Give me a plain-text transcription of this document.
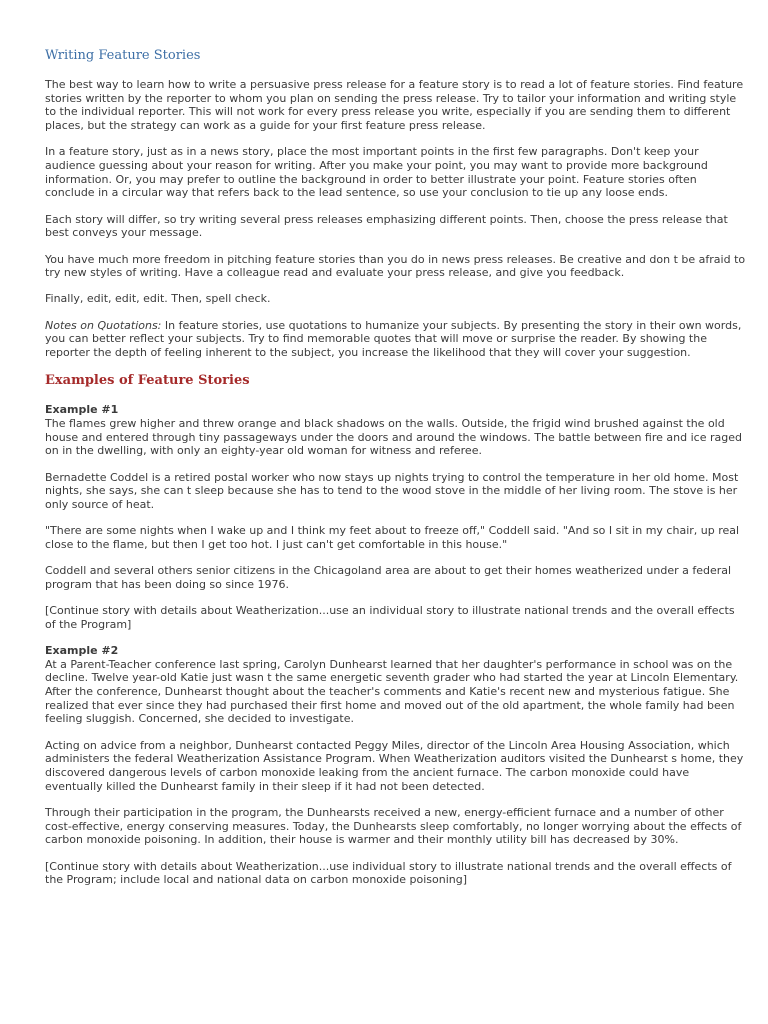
Writing Feature Stories

The best way to learn how to write a persuasive press release for a feature story is to read a lot of feature stories. Find feature stories written by the reporter to whom you plan on sending the press release. Try to tailor your information and writing style to the individual reporter. This will not work for every press release you write, especially if you are sending them to different places, but the strategy can work as a guide for your first feature press release.

In a feature story, just as in a news story, place the most important points in the first few paragraphs. Don't keep your audience guessing about your reason for writing. After you make your point, you may want to provide more background information. Or, you may prefer to outline the background in order to better illustrate your point. Feature stories often conclude in a circular way that refers back to the lead sentence, so use your conclusion to tie up any loose ends.

Each story will differ, so try writing several press releases emphasizing different points. Then, choose the press release that best conveys your message.

You have much more freedom in pitching feature stories than you do in news press releases. Be creative and don t be afraid to try new styles of writing. Have a colleague read and evaluate your press release, and give you feedback.

Finally, edit, edit, edit. Then, spell check.

Notes on Quotations: In feature stories, use quotations to humanize your subjects. By presenting the story in their own words, you can better reflect your subjects. Try to find memorable quotes that will move or surprise the reader. By showing the reporter the depth of feeling inherent to the subject, you increase the likelihood that they will cover your suggestion.

Examples of Feature Stories
Example #1

The flames grew higher and threw orange and black shadows on the walls. Outside, the frigid wind brushed against the old house and entered through tiny passageways under the doors and around the windows. The battle between fire and ice raged on in the dwelling, with only an eighty-year old woman for witness and referee.

Bernadette Coddel is a retired postal worker who now stays up nights trying to control the temperature in her old home. Most nights, she says, she can t sleep because she has to tend to the wood stove in the middle of her living room. The stove is her only source of heat.

"There are some nights when I wake up and I think my feet about to freeze off," Coddell said. "And so I sit in my chair, up real close to the flame, but then I get too hot. I just can't get comfortable in this house."

Coddell and several others senior citizens in the Chicagoland area are about to get their homes weatherized under a federal program that has been doing so since 1976.

[Continue story with details about Weatherization...use an individual story to illustrate national trends and the overall effects of the Program]

Example #2

At a Parent-Teacher conference last spring, Carolyn Dunhearst learned that her daughter's performance in school was on the decline. Twelve year-old Katie just wasn t the same energetic seventh grader who had started the year at Lincoln Elementary. After the conference, Dunhearst thought about the teacher's comments and Katie's recent new and mysterious fatigue. She realized that ever since they had purchased their first home and moved out of the old apartment, the whole family had been feeling sluggish. Concerned, she decided to investigate.

Acting on advice from a neighbor, Dunhearst contacted Peggy Miles, director of the Lincoln Area Housing Association, which administers the federal Weatherization Assistance Program. When Weatherization auditors visited the Dunhearst s home, they discovered dangerous levels of carbon monoxide leaking from the ancient furnace. The carbon monoxide could have eventually killed the Dunhearst family in their sleep if it had not been detected.

Through their participation in the program, the Dunhearsts received a new, energy-efficient furnace and a number of other cost-effective, energy conserving measures. Today, the Dunhearsts sleep comfortably, no longer worrying about the effects of carbon monoxide poisoning. In addition, their house is warmer and their monthly utility bill has decreased by 30%.

[Continue story with details about Weatherization...use individual story to illustrate national trends and the overall effects of the Program; include local and national data on carbon monoxide poisoning]
